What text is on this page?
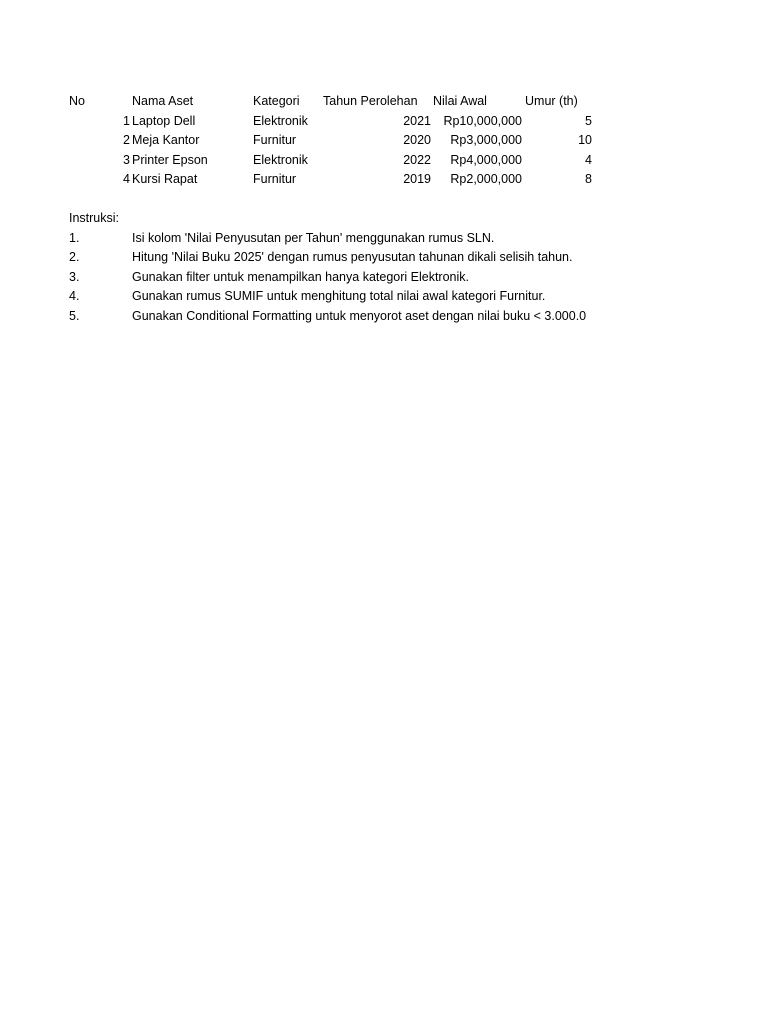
No	Nama Aset	Kategori	Tahun Perolehan	Nilai Awal	Umur (th)
1 Laptop Dell	Elektronik	2021 Rp10,000,000	5
2 Meja Kantor	Furnitur	2020	Rp3,000,000	10
3 Printer Epson	Elektronik	2022	Rp4,000,000	4
4 Kursi Rapat	Furnitur	2019	Rp2,000,000	8
Instruksi:
1.	Isi kolom 'Nilai Penyusutan per Tahun' menggunakan rumus SLN.
2.	Hitung 'Nilai Buku 2025' dengan rumus penyusutan tahunan dikali selisih tahun.
3.	Gunakan filter untuk menampilkan hanya kategori Elektronik.
4.	Gunakan rumus SUMIF untuk menghitung total nilai awal kategori Furnitur.
5.	Gunakan Conditional Formatting untuk menyorot aset dengan nilai buku < 3.000.0
